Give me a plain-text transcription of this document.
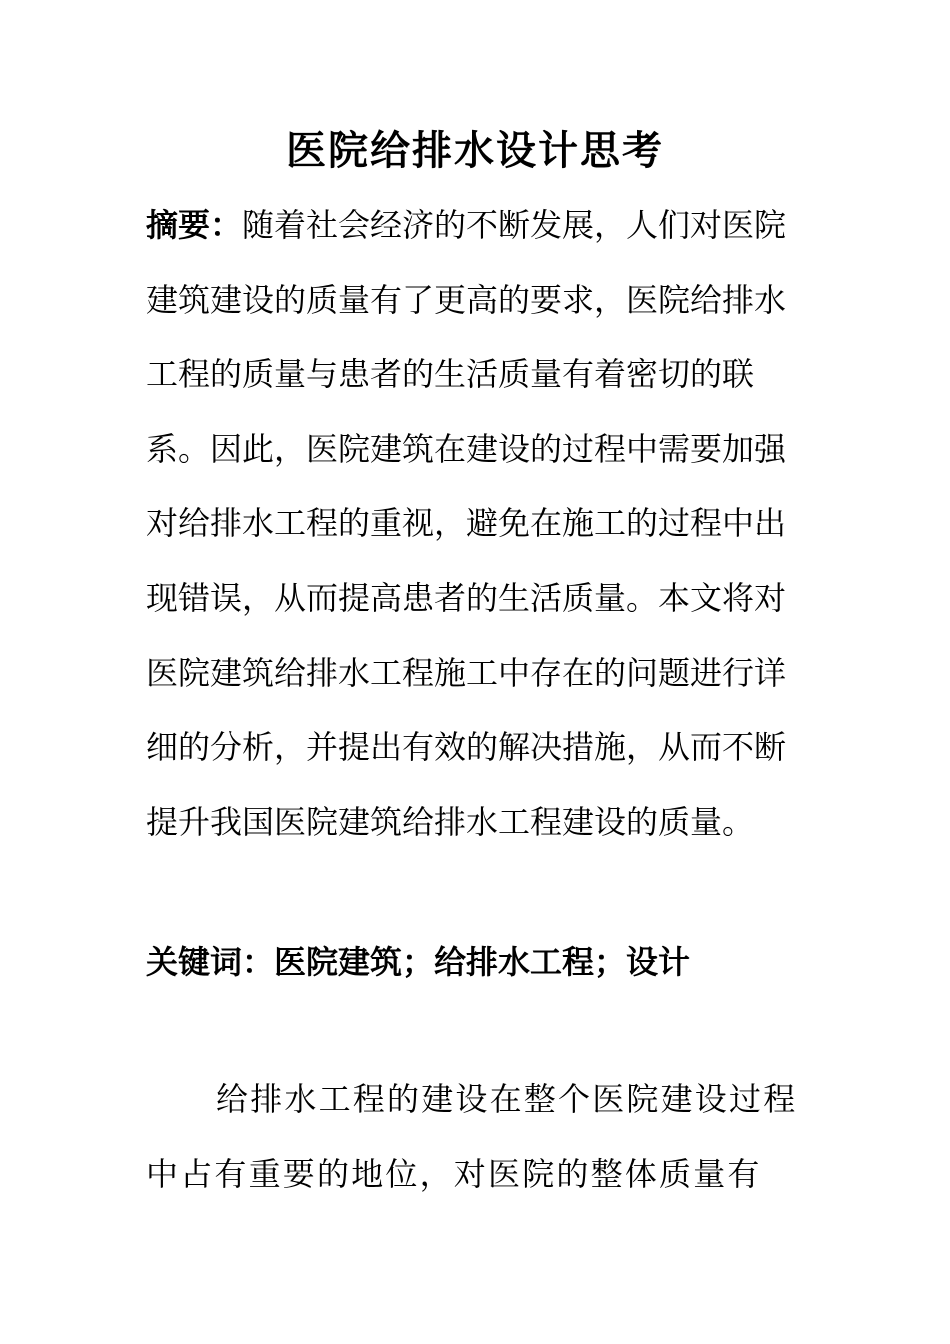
医院给排水设计思考

摘要：随着社会经济的不断发展，人们对医院建筑建设的质量有了更高的要求，医院给排水工程的质量与患者的生活质量有着密切的联系。因此，医院建筑在建设的过程中需要加强对给排水工程的重视，避免在施工的过程中出现错误，从而提高患者的生活质量。本文将对医院建筑给排水工程施工中存在的问题进行详细的分析，并提出有效的解决措施，从而不断提升我国医院建筑给排水工程建设的质量。

关键词：医院建筑；给排水工程；设计

给排水工程的建设在整个医院建设过程中占有重要的地位，对医院的整体质量有
